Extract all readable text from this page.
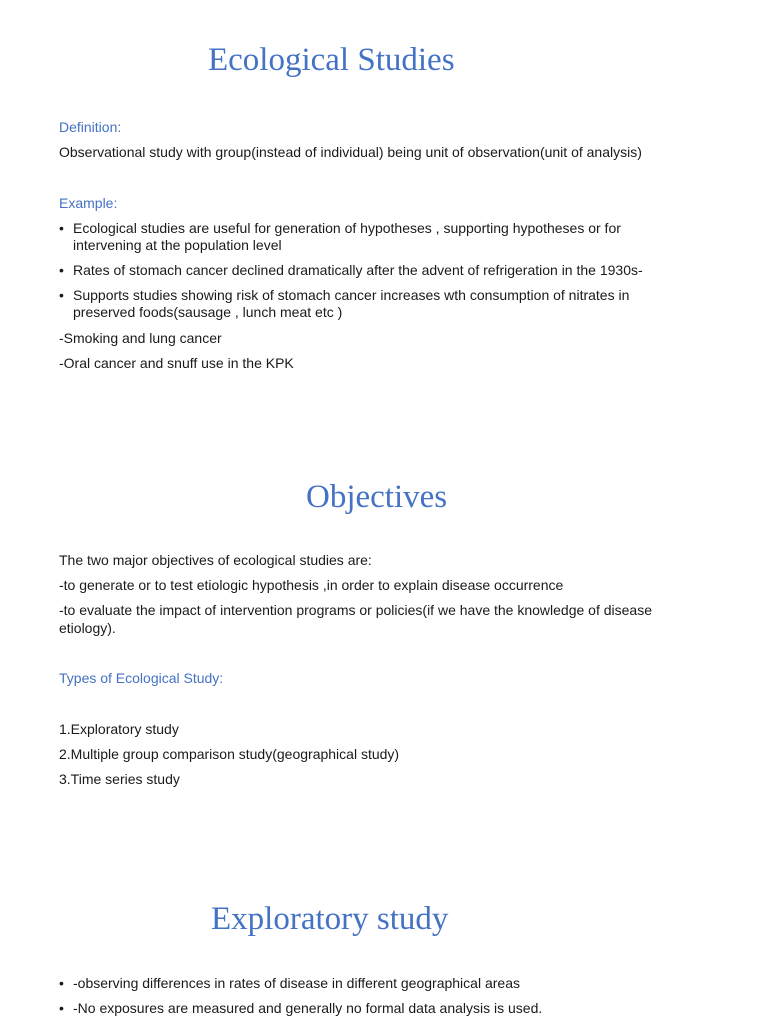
Ecological Studies
Definition:
Observational study with group(instead of individual) being unit of observation(unit of analysis)
Example:
• Ecological studies are useful for generation of hypotheses , supporting hypotheses or for intervening at the population level
• Rates of stomach cancer declined dramatically after the advent of refrigeration in the 1930s-
• Supports studies showing risk of stomach cancer increases wth consumption of nitrates in preserved foods(sausage , lunch meat etc )
-Smoking and lung cancer
-Oral cancer and snuff use in the KPK
Objectives
The two major objectives of ecological studies are:
-to generate or to test etiologic hypothesis ,in order to explain disease occurrence
-to evaluate the impact of intervention programs or policies(if we have the knowledge of disease etiology).
Types of Ecological Study:
1.Exploratory study
2.Multiple group comparison study(geographical study)
3.Time series study
Exploratory study
• -observing differences in rates of disease in different geographical areas
• -No exposures are measured and generally no formal data analysis is used.
